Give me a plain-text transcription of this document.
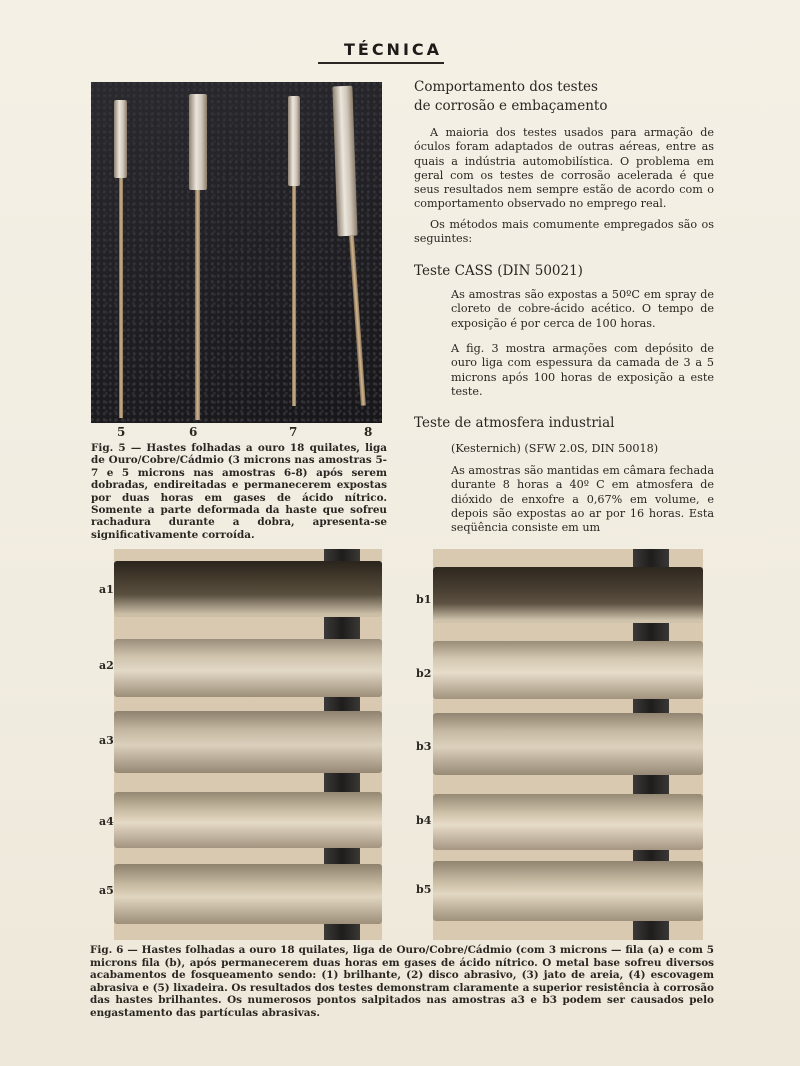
TÉCNICA
5	6	7	8
Fig. 5 — Hastes folhadas a ouro 18 quilates, liga de Ouro/Cobre/Cádmio (3 microns nas amostras 5-7 e 5 microns nas amostras 6-8) após serem dobradas, endireitadas e permanecerem expostas por duas horas em gases de ácido nítrico. Somente a parte deformada da haste que sofreu rachadura durante a dobra, apresenta-se significativamente corroída.

Comportamento dos testes

de corrosão e embaçamento

A maioria dos testes usados para armação de óculos foram adaptados de outras aéreas, entre as quais a indústria automobilística. O problema em geral com os testes de corrosão acelerada é que seus resultados nem sempre estão de acordo com o comportamento observado no emprego real.

Os métodos mais comumente empregados são os seguintes:

Teste CASS (DIN 50021)
As amostras são expostas a 50ºC em spray de cloreto de cobre-ácido acético. O tempo de exposição é por cerca de 100 horas.
A fig. 3 mostra armações com depósito de ouro liga com espessura da camada de 3 a 5 microns após 100 horas de exposição a este teste.
Teste de atmosfera industrial
(Kesternich) (SFW 2.0S, DIN 50018)
As amostras são mantidas em câmara fechada durante 8 horas a 40º C em atmosfera de dióxido de enxofre a 0,67% em volume, e depois são expostas ao ar por 16 horas. Esta seqüência consiste em um
a1
a2
a3
a4
a5
b1
b2
b3
b4
b5
Fig. 6 — Hastes folhadas a ouro 18 quilates, liga de Ouro/Cobre/Cádmio (com 3 microns — fila (a) e com 5 microns fila (b), após permanecerem duas horas em gases de ácido nítrico. O metal base sofreu diversos acabamentos de fosqueamento sendo: (1) brilhante, (2) disco abrasivo, (3) jato de areia, (4) escovagem abrasiva e (5) lixadeira. Os resultados dos testes demonstram claramente a superior resistência à corrosão das hastes brilhantes. Os numerosos pontos salpitados nas amostras a3 e b3 podem ser causados pelo engastamento das partículas abrasivas.
